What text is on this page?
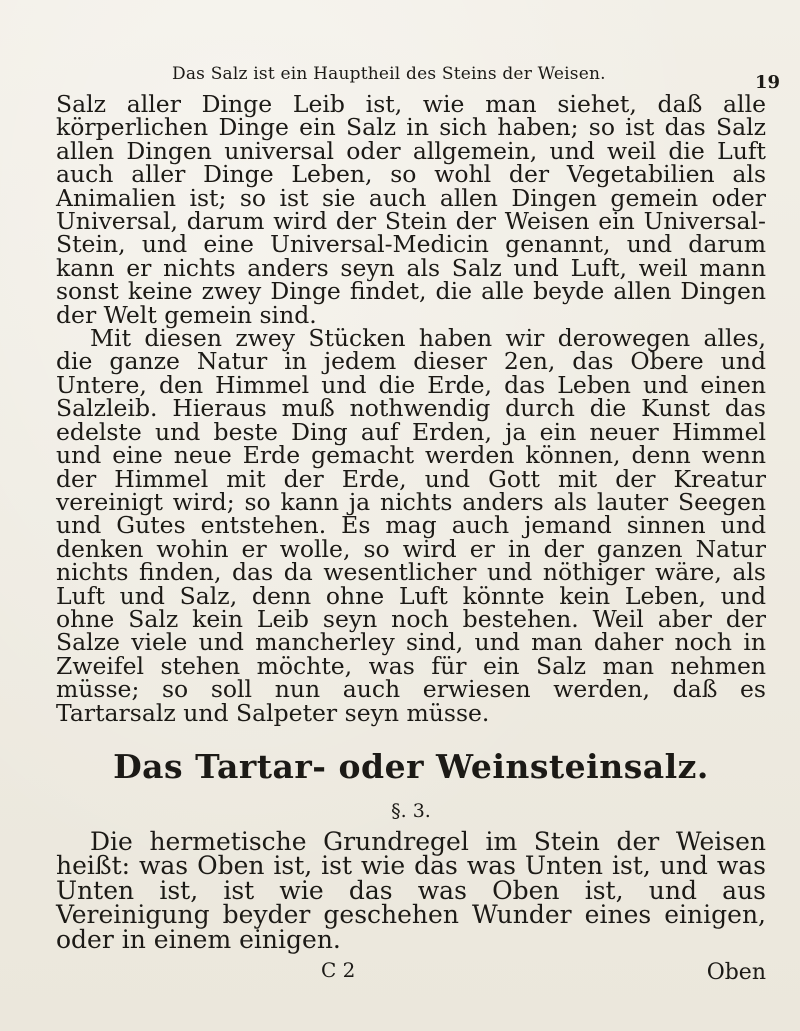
Das Salz ist ein Hauptheil des Steins der Weisen.	19

Salz aller Dinge Leib ist, wie man siehet, daß alle körperlichen Dinge ein Salz in sich haben; so ist das Salz allen Dingen universal oder allgemein, und weil die Luft auch aller Dinge Leben, so wohl der Vegetabilien als Animalien ist; so ist sie auch allen Dingen gemein oder Universal, darum wird der Stein der Weisen ein Universal-Stein, und eine Universal-Medicin genannt, und darum kann er nichts anders seyn als Salz und Luft, weil mann sonst keine zwey Dinge findet, die alle beyde allen Dingen der Welt gemein sind.

Mit diesen zwey Stücken haben wir derowegen alles, die ganze Natur in jedem dieser 2en, das Obere und Untere, den Himmel und die Erde, das Leben und einen Salzleib. Hieraus muß nothwendig durch die Kunst das edelste und beste Ding auf Erden, ja ein neuer Himmel und eine neue Erde gemacht werden können, denn wenn der Himmel mit der Erde, und Gott mit der Kreatur vereinigt wird; so kann ja nichts anders als lauter Seegen und Gutes entstehen. Es mag auch jemand sinnen und denken wohin er wolle, so wird er in der ganzen Natur nichts finden, das da wesentlicher und nöthiger wäre, als Luft und Salz, denn ohne Luft könnte kein Leben, und ohne Salz kein Leib seyn noch bestehen. Weil aber der Salze viele und mancherley sind, und man daher noch in Zweifel stehen möchte, was für ein Salz man nehmen müsse; so soll nun auch erwiesen werden, daß es Tartarsalz und Salpeter seyn müsse.

Das Tartar- oder Weinsteinsalz.
§. 3.

Die hermetische Grundregel im Stein der Weisen heißt: was Oben ist, ist wie das was Unten ist, und was Unten ist, ist wie das was Oben ist, und aus Vereinigung beyder geschehen Wunder eines einigen, oder in einem einigen.

C 2	Oben
